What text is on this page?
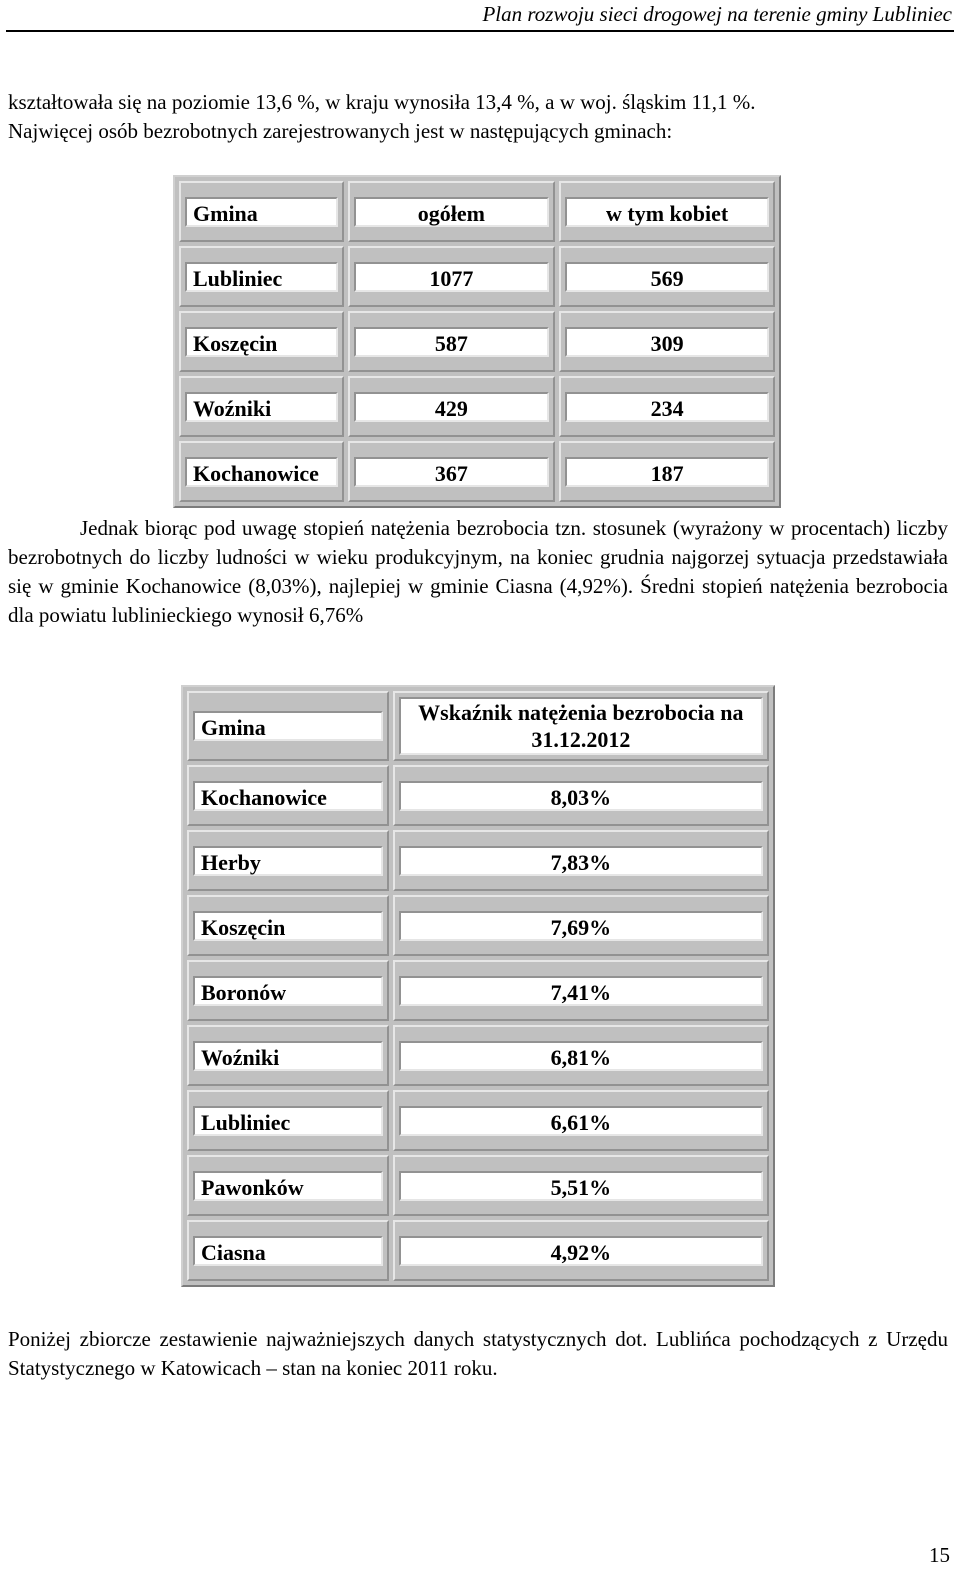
Plan rozwoju sieci drogowej na terenie gminy Lubliniec
kształtowała się na poziomie 13,6 %, w kraju wynosiła 13,4 %, a w woj. śląskim 11,1 %.
Najwięcej osób bezrobotnych zarejestrowanych jest w następujących gminach:
Gmina	ogółem	w tym kobiet

Lubliniec	1077	569

Koszęcin	587	309

Woźniki	429	234

Kochanowice	367	187

Jednak biorąc pod uwagę stopień natężenia bezrobocia tzn. stosunek (wyrażony w procentach) liczby bezrobotnych do liczby ludności w wieku produkcyjnym, na koniec grudnia najgorzej sytuacja przedstawiała się w gminie Kochanowice (8,03%), najlepiej w gminie Ciasna (4,92%). Średni stopień natężenia bezrobocia dla powiatu lublinieckiego wynosił 6,76%

Gmina	Wskaźnik natężenia bezrobocia na 31.12.2012

Kochanowice	8,03%

Herby	7,83%

Koszęcin	7,69%

Boronów	7,41%

Woźniki	6,81%

Lubliniec	6,61%

Pawonków	5,51%

Ciasna	4,92%

Poniżej zbiorcze zestawienie najważniejszych danych statystycznych dot. Lublińca pochodzących z Urzędu Statystycznego w Katowicach – stan na koniec 2011 roku.

15
